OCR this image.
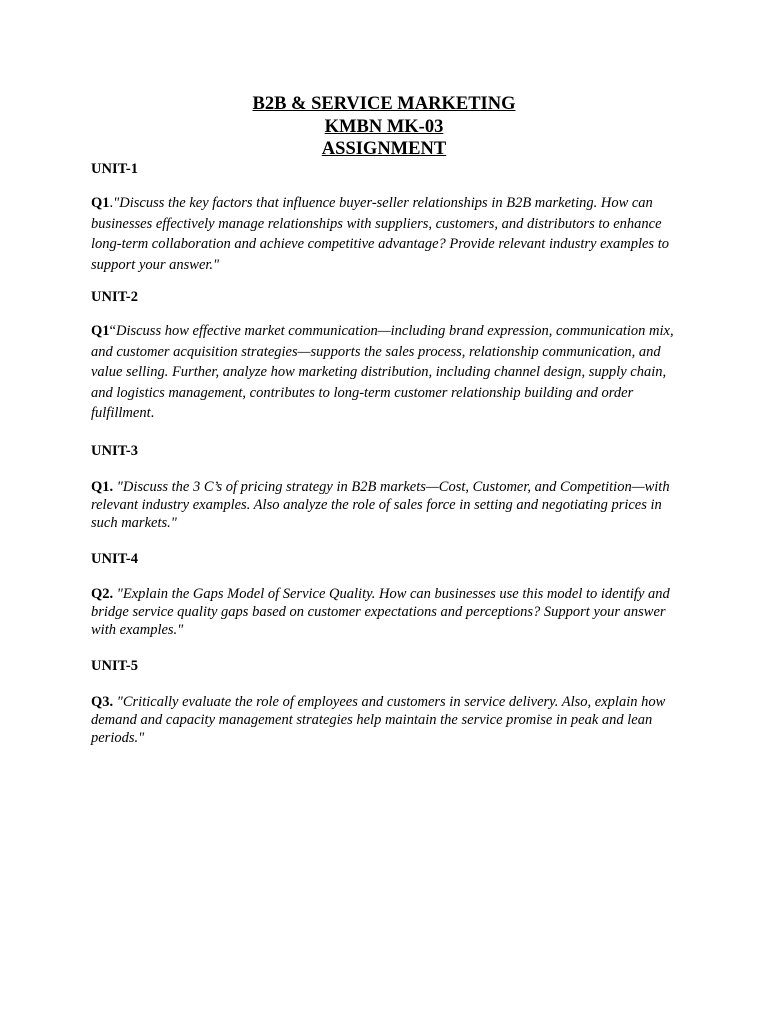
B2B & SERVICE MARKETING
KMBN MK-03
ASSIGNMENT
UNIT-1
Q1."Discuss the key factors that influence buyer-seller relationships in B2B marketing. How can businesses effectively manage relationships with suppliers, customers, and distributors to enhance long-term collaboration and achieve competitive advantage? Provide relevant industry examples to support your answer."
UNIT-2
Q1“Discuss how effective market communication—including brand expression, communication mix, and customer acquisition strategies—supports the sales process, relationship communication, and value selling. Further, analyze how marketing distribution, including channel design, supply chain, and logistics management, contributes to long-term customer relationship building and order fulfillment.
UNIT-3
Q1. "Discuss the 3 C’s of pricing strategy in B2B markets—Cost, Customer, and Competition—with relevant industry examples. Also analyze the role of sales force in setting and negotiating prices in such markets."
UNIT-4
Q2. "Explain the Gaps Model of Service Quality. How can businesses use this model to identify and bridge service quality gaps based on customer expectations and perceptions? Support your answer with examples."
UNIT-5
Q3. "Critically evaluate the role of employees and customers in service delivery. Also, explain how demand and capacity management strategies help maintain the service promise in peak and lean periods."
